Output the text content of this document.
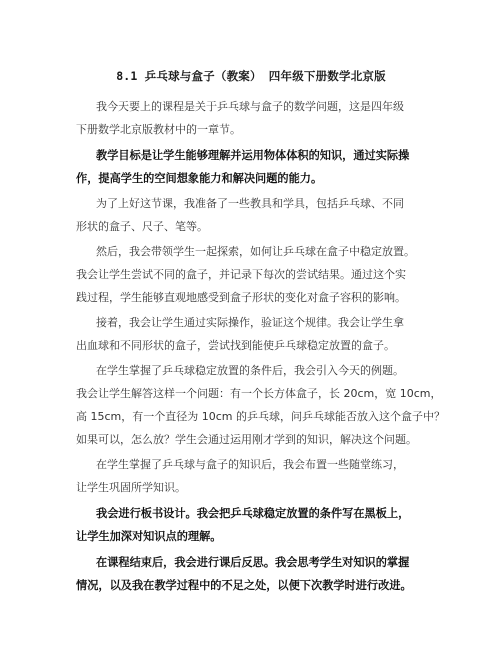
8.1 乒乓球与盒子（教案） 四年级下册数学北京版
我今天要上的课程是关于乒乓球与盒子的数学问题，这是四年级
下册数学北京版教材中的一章节。
教学目标是让学生能够理解并运用物体体积的知识，通过实际操
作，提高学生的空间想象能力和解决问题的能力。
为了上好这节课，我准备了一些教具和学具，包括乒乓球、不同
形状的盒子、尺子、笔等。
然后，我会带领学生一起探索，如何让乒乓球在盒子中稳定放置。
我会让学生尝试不同的盒子，并记录下每次的尝试结果。通过这个实
践过程，学生能够直观地感受到盒子形状的变化对盒子容积的影响。
接着，我会让学生通过实际操作，验证这个规律。我会让学生拿
出血球和不同形状的盒子，尝试找到能使乒乓球稳定放置的盒子。
在学生掌握了乒乓球稳定放置的条件后，我会引入今天的例题。
我会让学生解答这样一个问题：有一个长方体盒子，长 20cm，宽 10cm，
高 15cm，有一个直径为 10cm 的乒乓球，问乒乓球能否放入这个盒子中？
如果可以，怎么放？学生会通过运用刚才学到的知识，解决这个问题。
在学生掌握了乒乓球与盒子的知识后，我会布置一些随堂练习，
让学生巩固所学知识。
我会进行板书设计。我会把乒乓球稳定放置的条件写在黑板上，
让学生加深对知识点的理解。
在课程结束后，我会进行课后反思。我会思考学生对知识的掌握
情况，以及我在教学过程中的不足之处，以便下次教学时进行改进。
